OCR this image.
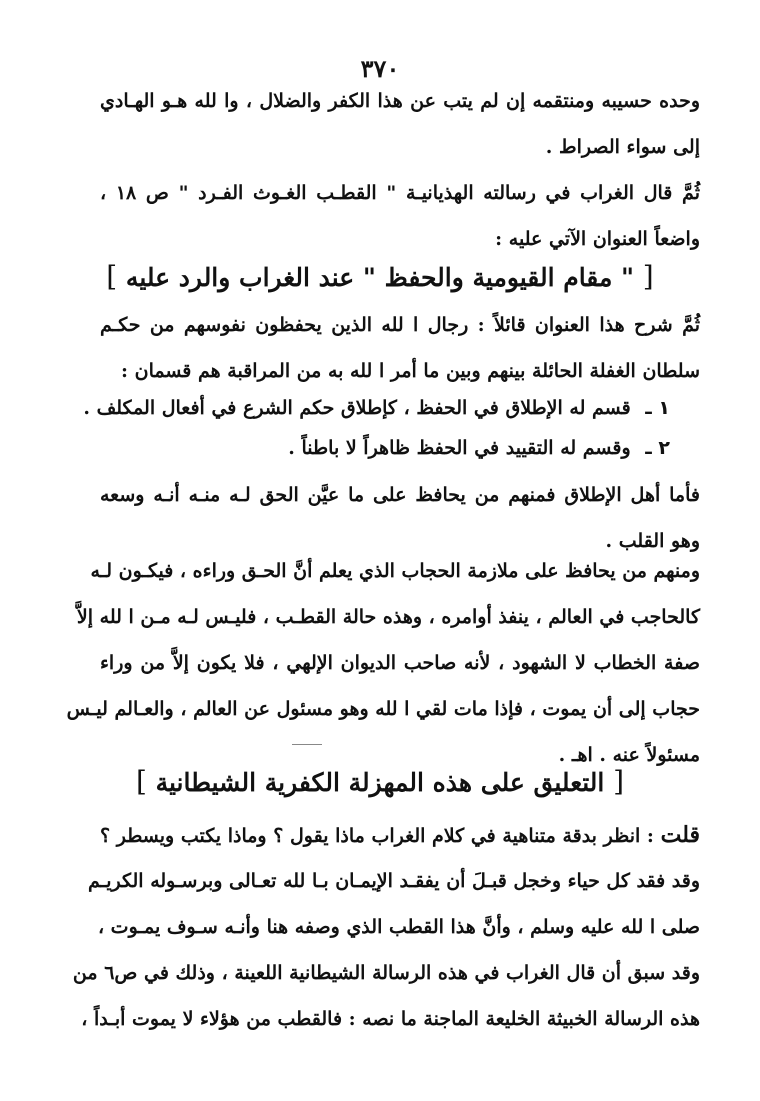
٣٧٠
وحده حسيبه ومنتقمه إن لم يتب عن هذا الكفر والضلال ، وا لله هـو الهـادي
إلى سواء الصراط .
ثُمَّ قال الغراب في رسالته الهذيانيـة " القطـب الغـوث الفـرد " ص ١٨ ،
واضعاً العنوان الآتي عليه :
[ " مقام القيومية والحفظ " عند الغراب والرد عليه ]
ثُمَّ شرح هذا العنوان قائلاً : رجال ا لله الذين يحفظون نفوسهم من حكـم
سلطان الغفلة الحائلة بينهم وبين ما أمر ا لله به من المراقبة هم قسمان :
١ ـ قسم له الإطلاق في الحفظ ، كإطلاق حكم الشرع في أفعال المكلف .
٢ ـ وقسم له التقييد في الحفظ ظاهراً لا باطناً .
فأما أهل الإطلاق فمنهم من يحافظ على ما عيَّن الحق لـه منـه أنـه وسعه
وهو القلب .
ومنهم من يحافظ على ملازمة الحجاب الذي يعلم أنَّ الحـق وراءه ، فيكـون لـه
كالحاجب في العالم ، ينفذ أوامره ، وهذه حالة القطـب ، فليـس لـه مـن ا لله إلاَّ
صفة الخطاب لا الشهود ، لأنه صاحب الديوان الإلهي ، فلا يكون إلاَّ من وراء
حجاب إلى أن يموت ، فإذا مات لقي ا لله وهو مسئول عن العالم ، والعـالم ليـس
مسئولاً عنه . اهـ .
[ التعليق على هذه المهزلة الكفرية الشيطانية ]
قلت : انظر بدقة متناهية في كلام الغراب ماذا يقول ؟ وماذا يكتب ويسطر ؟
وقد فقد كل حياء وخجل قبـلَ أن يفقـد الإيمـان بـا لله تعـالى وبرسـوله الكريـم
صلى ا لله عليه وسلم ، وأنَّ هذا القطب الذي وصفه هنا وأنـه سـوف يمـوت ،
وقد سبق أن قال الغراب في هذه الرسالة الشيطانية اللعينة ، وذلك في ص٦ من
هذه الرسالة الخبيثة الخليعة الماجنة ما نصه : فالقطب من هؤلاء لا يموت أبـداً ،
